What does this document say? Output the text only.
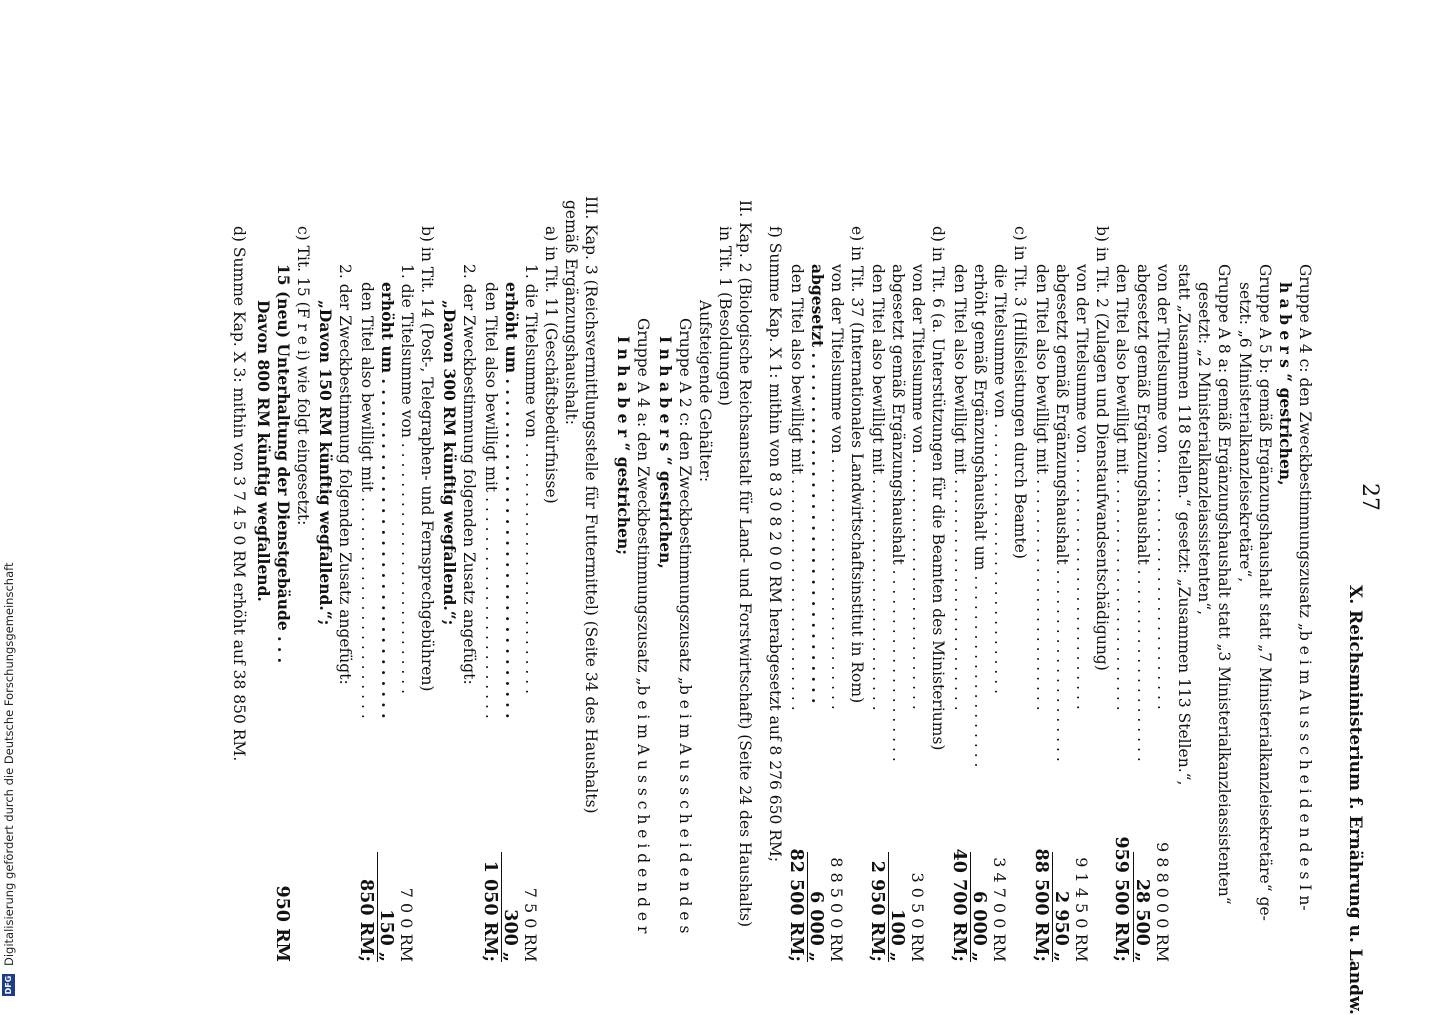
27
X. Reichsministerium f. Ernährung u. Landw.
Gruppe A 4 c: den Zweckbestimmungszusatz „b e i m A u s s c h e i d e n d e s I n-
h a b e r s “ gestrichen,
Gruppe A 5 b: gemäß Ergänzungshaushalt statt „7 Ministerialkanzleisekretäre“ ge-
setzt: „6 Ministerialkanzleisekretäre“,
Gruppe A 8 a: gemäß Ergänzungshaushalt statt „3 Ministerialkanzleiassistenten“
gesetzt: „2 Ministerialkanzleiassistenten“,
statt „Zusammen 118 Stellen.“ gesetzt: „Zusammen 113 Stellen.“,
von der Titelsumme von . . . . . . . . . . . . . . . . . . . . . . . . . .
abgesetzt gemäß Ergänzungshaushalt . . . . . . . . . . . . . . . . . . . .
den Titel also bewilligt mit . . . . . . . . . . . . . . . . . . . . . . . .
9 8 8 0 0 0 RM
28 500 „
959 500 RM;
b) in Tit. 2 (Zulagen und Dienstaufwandsentschädigung)
von der Titelsumme von . . . . . . . . . . . . . . . . . . . . . . . . . .
abgesetzt gemäß Ergänzungshaushalt . . . . . . . . . . . . . . . . . . . .
den Titel also bewilligt mit . . . . . . . . . . . . . . . . . . . . . . . .
9 1 4 5 0 RM
2 950 „
88 500 RM;
c) in Tit. 3 (Hilfsleistungen durch Beamte)
die Titelsumme von . . . . . . . . . . . . . . . . . . . . . . . . . . . .
erhöht gemäß Ergänzungshaushalt um . . . . . . . . . . . . . . . . . . . .
den Titel also bewilligt mit . . . . . . . . . . . . . . . . . . . . . . . .
3 4 7 0 0 RM
6 000 „
40 700 RM;
d) in Tit. 6 (a. Unterstützungen für die Beamten des Ministeriums)
von der Titelsumme von . . . . . . . . . . . . . . . . . . . . . . . . . .
abgesetzt gemäß Ergänzungshaushalt . . . . . . . . . . . . . . . . . . . .
den Titel also bewilligt mit . . . . . . . . . . . . . . . . . . . . . . . .
3 0 5 0 RM
100 „
2 950 RM;
e) in Tit. 37 (Internationales Landwirtschaftsinstitut in Rom)
von der Titelsumme von . . . . . . . . . . . . . . . . . . . . . . . . . .
abgesetzt . . . . . . . . . . . . . . . . . . . . . . . . . . . . . . . . .
den Titel also bewilligt mit . . . . . . . . . . . . . . . . . . . . . . . .
8 8 5 0 0 RM
6 000 „
82 500 RM;
f) Summe Kap. X 1: mithin von 8 3 0 8 2 0 0 RM herabgesetzt auf 8 276 650 RM;
II. Kap. 2 (Biologische Reichsanstalt für Land- und Forstwirtschaft) (Seite 24 des Haushalts)
in Tit. 1 (Besoldungen)
Aufsteigende Gehälter:
Gruppe A 2 c: den Zweckbestimmungszusatz „b e i m A u s s c h e i d e n d e s
I n h a b e r s “ gestrichen,
Gruppe A 4 a: den Zweckbestimmungszusatz „b e i m A u s s c h e i d e n d e r
I n h a b e r “ gestrichen;
III. Kap. 3 (Reichsvermittlungsstelle für Futtermittel) (Seite 34 des Haushalts)
gemäß Ergänzungshaushalt:
a) in Tit. 11 (Geschäftsbedürfnisse)
1. die Titelsumme von . . . . . . . . . . . . . . . . . . . . . . . . . .
erhöht um . . . . . . . . . . . . . . . . . . . . . . . . . . . . . . . .
den Titel also bewilligt mit . . . . . . . . . . . . . . . . . . . . . . .
7 5 0 RM
300 „
1 050 RM;
2. der Zweckbestimmung folgenden Zusatz angefügt:
„Davon 300 RM künftig wegfallend.“;
b) in Tit. 14 (Post-, Telegraphen- und Fernsprechgebühren)
1. die Titelsumme von . . . . . . . . . . . . . . . . . . . . . . . . . .
erhöht um . . . . . . . . . . . . . . . . . . . . . . . . . . . . . . . .
den Titel also bewilligt mit . . . . . . . . . . . . . . . . . . . . . . .
7 0 0 RM
150 „
850 RM;
2. der Zweckbestimmung folgenden Zusatz angefügt:
„Davon 150 RM künftig wegfallend.“;
c) Tit. 15 (F r e i) wie folgt eingesetzt:
15 (neu) Unterhaltung der Dienstgebäude . . .
Davon 800 RM künftig wegfallend.
950 RM
d) Summe Kap. X 3: mithin von 3 7 4 5 0 RM erhöht auf 38 850 RM.
DFG
Digitalisierung gefördert durch die Deutsche Forschungsgemeinschaft
